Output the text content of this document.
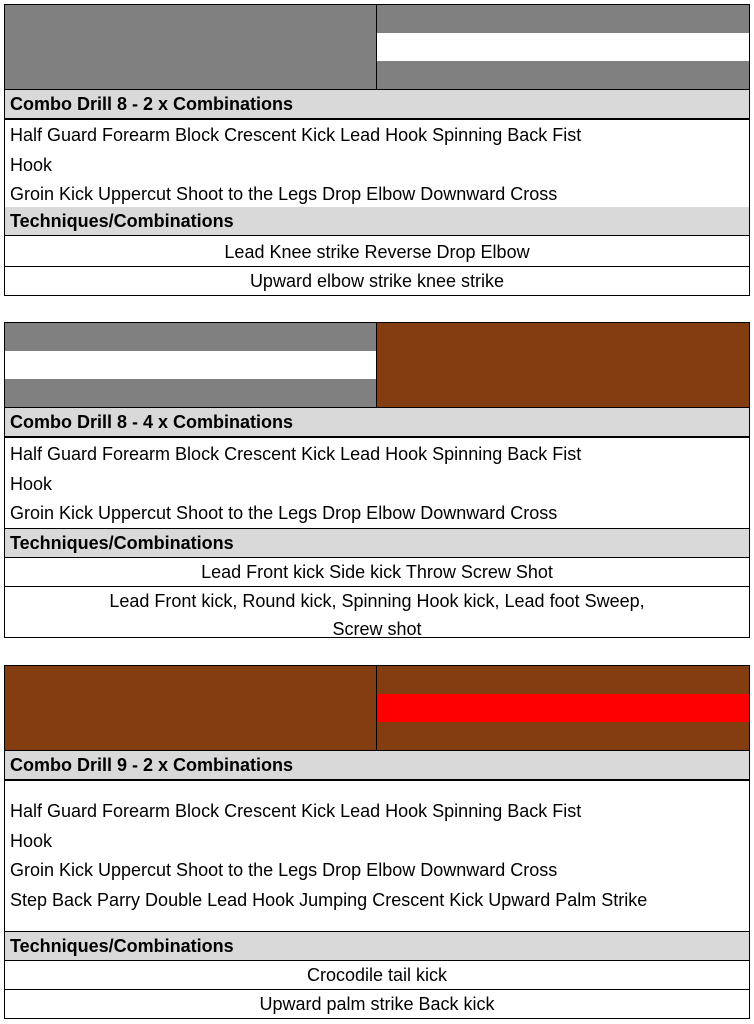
Combo Drill 8 - 2 x Combinations
Half Guard Forearm Block Crescent Kick Lead Hook Spinning Back Fist
Hook
Groin Kick Uppercut Shoot to the Legs Drop Elbow Downward Cross
Techniques/Combinations
Lead Knee strike Reverse Drop Elbow
Upward elbow strike knee strike
Combo Drill 8 - 4 x Combinations
Half Guard Forearm Block Crescent Kick Lead Hook Spinning Back Fist
Hook
Groin Kick Uppercut Shoot to the Legs Drop Elbow Downward Cross
Techniques/Combinations
Lead Front kick Side kick Throw Screw Shot
Lead Front kick, Round kick, Spinning Hook kick, Lead foot Sweep,
Screw shot
Combo Drill 9 - 2 x Combinations
Half Guard Forearm Block Crescent Kick Lead Hook Spinning Back Fist
Hook
Groin Kick Uppercut Shoot to the Legs Drop Elbow Downward Cross
Step Back Parry Double Lead Hook Jumping Crescent Kick Upward Palm Strike
Techniques/Combinations
Crocodile tail kick
Upward palm strike Back kick
